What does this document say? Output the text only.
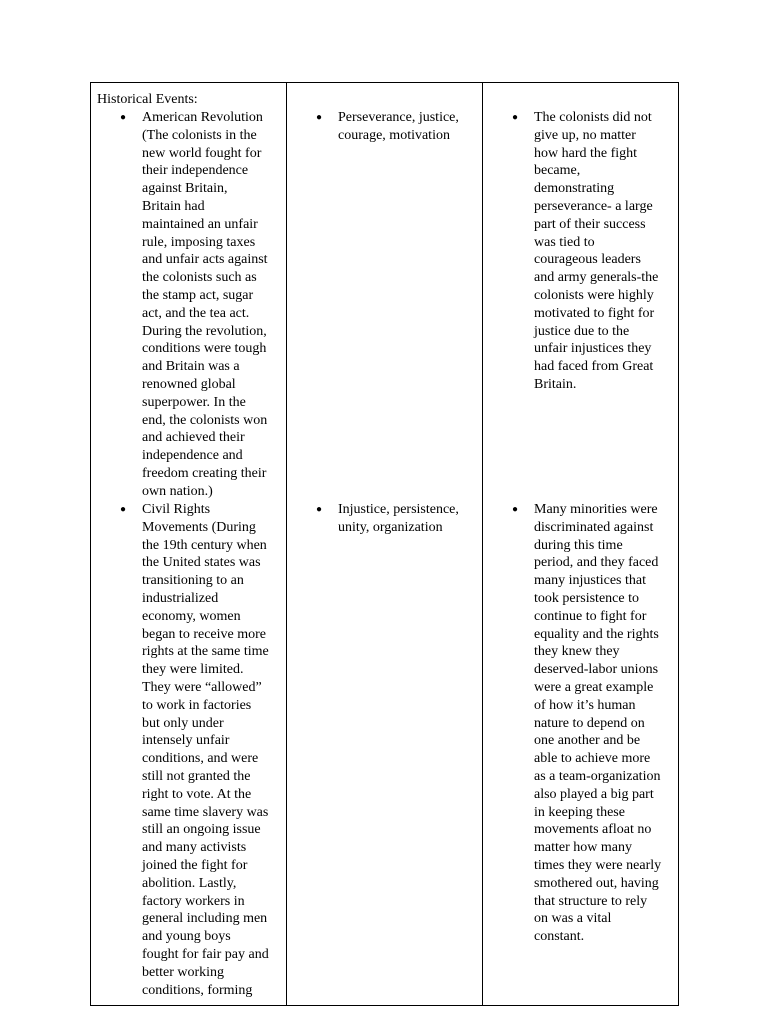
Historical Events:
● American Revolution
(The colonists in the
new world fought for
their independence
against Britain,
Britain had
maintained an unfair
rule, imposing taxes
and unfair acts against
the colonists such as
the stamp act, sugar
act, and the tea act.
During the revolution,
conditions were tough
and Britain was a
renowned global
superpower. In the
end, the colonists won
and achieved their
independence and
freedom creating their
own nation.)
● Civil Rights
Movements (During
the 19th century when
the United states was
transitioning to an
industrialized
economy, women
began to receive more
rights at the same time
they were limited.
They were “allowed”
to work in factories
but only under
intensely unfair
conditions, and were
still not granted the
right to vote. At the
same time slavery was
still an ongoing issue
and many activists
joined the fight for
abolition. Lastly,
factory workers in
general including men
and young boys
fought for fair pay and
better working
conditions, forming
● Perseverance, justice,
courage, motivation
● Injustice, persistence,
unity, organization
● The colonists did not
give up, no matter
how hard the fight
became,
demonstrating
perseverance- a large
part of their success
was tied to
courageous leaders
and army generals-the
colonists were highly
motivated to fight for
justice due to the
unfair injustices they
had faced from Great
Britain.
● Many minorities were
discriminated against
during this time
period, and they faced
many injustices that
took persistence to
continue to fight for
equality and the rights
they knew they
deserved-labor unions
were a great example
of how it’s human
nature to depend on
one another and be
able to achieve more
as a team-organization
also played a big part
in keeping these
movements afloat no
matter how many
times they were nearly
smothered out, having
that structure to rely
on was a vital
constant.
